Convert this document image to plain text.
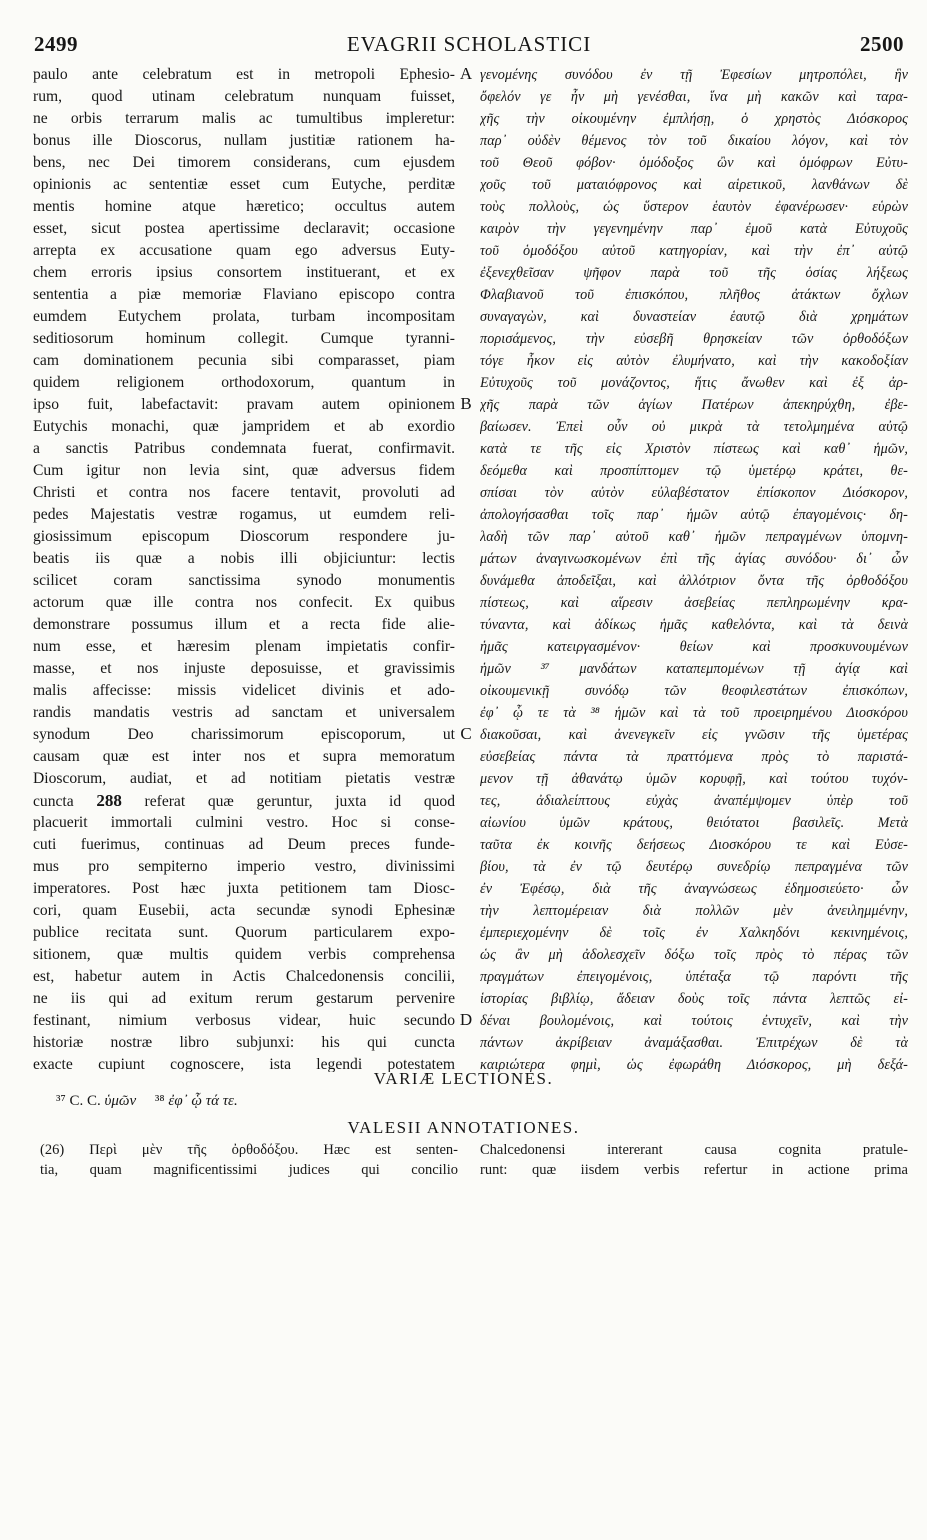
2499	EVAGRII SCHOLASTICI	2500
paulo ante celebratum est in metropoli Ephesio-
rum, quod utinam celebratum nunquam fuisset,
ne orbis terrarum malis ac tumultibus impleretur:
bonus ille Dioscorus, nullam justitiæ rationem ha-
bens, nec Dei timorem considerans, cum ejusdem
opinionis ac sententiæ esset cum Eutyche, perditæ
mentis homine atque hæretico; occultus autem
esset, sicut postea apertissime declaravit; occasione
arrepta ex accusatione quam ego adversus Euty-
chem erroris ipsius consortem instituerant, et ex
sententia a piæ memoriæ Flaviano episcopo contra
eumdem Eutychem prolata, turbam incompositam
seditiosorum hominum collegit. Cumque tyranni-
cam dominationem pecunia sibi comparasset, piam
quidem religionem orthodoxorum, quantum in
ipso fuit, labefactavit: pravam autem opinionem
Eutychis monachi, quæ jampridem et ab exordio
a sanctis Patribus condemnata fuerat, confirmavit.
Cum igitur non levia sint, quæ adversus fidem
Christi et contra nos facere tentavit, provoluti ad
pedes Majestatis vestræ rogamus, ut eumdem reli-
giosissimum episcopum Dioscorum respondere ju-
beatis iis quæ a nobis illi objiciuntur: lectis
scilicet coram sanctissima synodo monumentis
actorum quæ ille contra nos confecit. Ex quibus
demonstrare possumus illum et a recta fide alie-
num esse, et hæresim plenam impietatis confir-
masse, et nos injuste deposuisse, et gravissimis
malis affecisse: missis videlicet divinis et ado-
randis mandatis vestris ad sanctam et universalem
synodum Deo charissimorum episcoporum, ut
causam quæ est inter nos et supra memoratum
Dioscorum, audiat, et ad notitiam pietatis vestræ
cuncta 288 referat quæ geruntur, juxta id quod
placuerit immortali culmini vestro. Hoc si conse-
cuti fuerimus, continuas ad Deum preces funde-
mus pro sempiterno imperio vestro, divinissimi
imperatores. Post hæc juxta petitionem tam Diosc-
cori, quam Eusebii, acta secundæ synodi Ephesinæ
publice recitata sunt. Quorum particularem expo-
sitionem, quæ multis quidem verbis comprehensa
est, habetur autem in Actis Chalcedonensis concilii,
ne iis qui ad exitum rerum gestarum pervenire
festinant, nimium verbosus videar, huic secundo
historiæ nostræ libro subjunxi: his qui cuncta
exacte cupiunt cognoscere, ista legendi potestatem
γενομένης συνόδου ἐν τῇ Ἐφεσίων μητροπόλει, ἣν
ὄφελόν γε ἦν μὴ γενέσθαι, ἵνα μὴ κακῶν καὶ ταρα-
χῆς τὴν οἰκουμένην ἐμπλήσῃ, ὁ χρηστὸς Διόσκορος
παρ᾽ οὐδὲν θέμενος τὸν τοῦ δικαίου λόγον, καὶ τὸν
τοῦ Θεοῦ φόβον· ὁμόδοξος ὢν καὶ ὁμόφρων Εὐτυ-
χοῦς τοῦ ματαιόφρονος καὶ αἱρετικοῦ, λανθάνων δὲ
τοὺς πολλοὺς, ὡς ὕστερον ἑαυτὸν ἐφανέρωσεν· εὑρὼν
καιρὸν τὴν γεγενημένην παρ᾽ ἐμοῦ κατὰ Εὐτυχοῦς
τοῦ ὁμοδόξου αὐτοῦ κατηγορίαν, καὶ τὴν ἐπ᾽ αὐτῷ
ἐξενεχθεῖσαν ψῆφον παρὰ τοῦ τῆς ὁσίας λήξεως
Φλαβιανοῦ τοῦ ἐπισκόπου, πλῆθος ἀτάκτων ὄχλων
συναγαγὼν, καὶ δυναστείαν ἑαυτῷ διὰ χρημάτων
πορισάμενος, τὴν εὐσεβῆ θρησκείαν τῶν ὀρθοδόξων
τόγε ἧκον εἰς αὐτὸν ἐλυμήνατο, καὶ τὴν κακοδοξίαν
Εὐτυχοῦς τοῦ μονάζοντος, ἥτις ἄνωθεν καὶ ἐξ ἀρ-
χῆς παρὰ τῶν ἁγίων Πατέρων ἀπεκηρύχθη, ἐβε-
βαίωσεν. Ἐπεὶ οὖν οὐ μικρὰ τὰ τετολμημένα αὐτῷ
κατὰ τε τῆς εἰς Χριστὸν πίστεως καὶ καθ᾽ ἡμῶν,
δεόμεθα καὶ προσπίπτομεν τῷ ὑμετέρῳ κράτει, θε-
σπίσαι τὸν αὐτὸν εὐλαβέστατον ἐπίσκοπον Διόσκορον,
ἀπολογήσασθαι τοῖς παρ᾽ ἡμῶν αὐτῷ ἐπαγομένοις· δη-
λαδὴ τῶν παρ᾽ αὐτοῦ καθ᾽ ἡμῶν πεπραγμένων ὑπομνη-
μάτων ἀναγινωσκομένων ἐπὶ τῆς ἁγίας συνόδου· δι᾽ ὧν
δυνάμεθα ἀποδεῖξαι, καὶ ἀλλότριον ὄντα τῆς ὀρθοδόξου
πίστεως, καὶ αἵρεσιν ἀσεβείας πεπληρωμένην κρα-
τύναντα, καὶ ἀδίκως ἡμᾶς καθελόντα, καὶ τὰ δεινὰ
ἡμᾶς κατειργασμένον· θείων καὶ προσκυνουμένων
ἡμῶν ³⁷ μανδάτων καταπεμπομένων τῇ ἁγίᾳ καὶ
οἰκουμενικῇ συνόδῳ τῶν θεοφιλεστάτων ἐπισκόπων,
ἐφ᾽ ᾧ τε τὰ ³⁸ ἡμῶν καὶ τὰ τοῦ προειρημένου Διοσκόρου
διακοῦσαι, καὶ ἀνενεγκεῖν εἰς γνῶσιν τῆς ὑμετέρας
εὐσεβείας πάντα τὰ πραττόμενα πρὸς τὸ παριστά-
μενον τῇ ἀθανάτῳ ὑμῶν κορυφῇ, καὶ τούτου τυχόν-
τες, ἀδιαλείπτους εὐχὰς ἀναπέμψομεν ὑπὲρ τοῦ
αἰωνίου ὑμῶν κράτους, θειότατοι βασιλεῖς. Μετὰ
ταῦτα ἐκ κοινῆς δεήσεως Διοσκόρου τε καὶ Εὐσε-
βίου, τὰ ἐν τῷ δευτέρῳ συνεδρίῳ πεπραγμένα τῶν
ἐν Ἐφέσῳ, διὰ τῆς ἀναγνώσεως ἐδημοσιεύετο· ὧν
τὴν λεπτομέρειαν διὰ πολλῶν μὲν ἀνειλημμένην,
ἐμπεριεχομένην δὲ τοῖς ἐν Χαλκηδόνι κεκινημένοις,
ὡς ἂν μὴ ἀδολεσχεῖν δόξω τοῖς πρὸς τὸ πέρας τῶν
πραγμάτων ἐπειγομένοις, ὑπέταξα τῷ παρόντι τῆς
ἱστορίας βιβλίῳ, ἄδειαν δοὺς τοῖς πάντα λεπτῶς εἰ-
δέναι βουλομένοις, καὶ τούτοις ἐντυχεῖν, καὶ τὴν
πάντων ἀκρίβειαν ἀναμάξασθαι. Ἐπιτρέχων δὲ τὰ
καιριώτερα φημὶ, ὡς ἐφωράθη Διόσκορος, μὴ δεξά-
A
B
C
D
VARIÆ LECTIONES.
³⁷ C. C. ὑμῶν ³⁸ ἐφ᾽ ᾧ τά τε.
VALESII ANNOTATIONES.
(26) Περὶ μὲν τῆς ὀρθοδόξου. Hæc est senten-
tia, quam magnificentissimi judices qui concilio
Chalcedonensi intererant causa cognita pratule-
runt: quæ iisdem verbis refertur in actione prima
